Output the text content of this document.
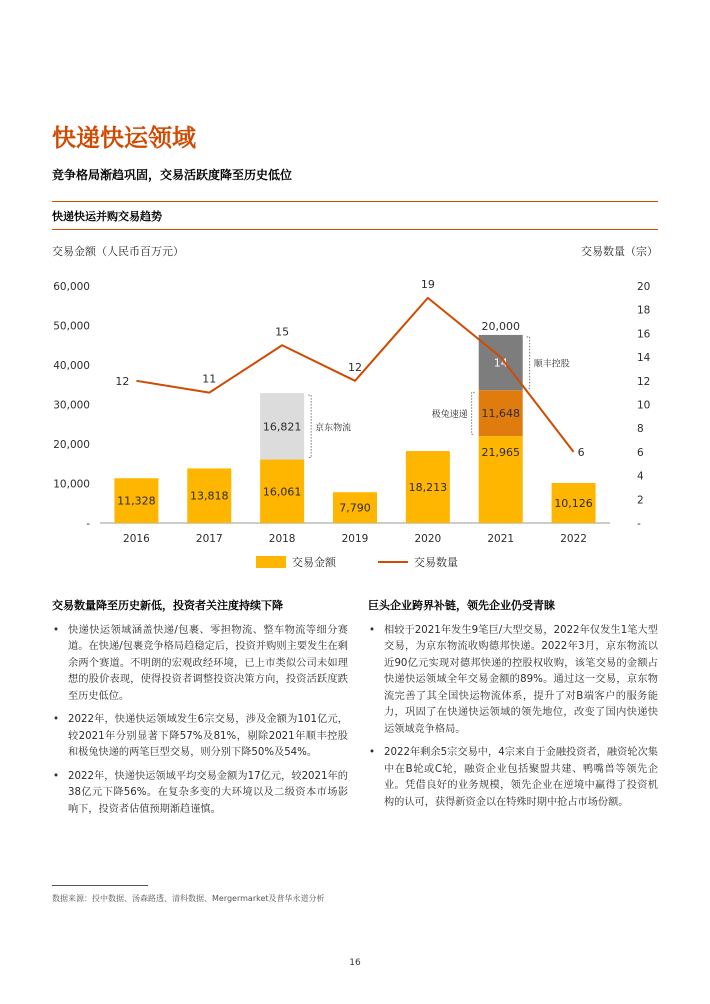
快递快运领域

竞争格局渐趋巩固，交易活跃度降至历史低位

快递快运并购交易趋势
交易金额（人民币百万元）	交易数量（宗）
-
10,000
20,000
30,000
40,000
50,000
60,000
-
2
4
6
8
10
12
14
16
18
20
16,821 京东物流
11,648
极兔速递
14	顺丰控股
11,328	13,818	16,061
7,790
18,213
21,965
10,126
20,000
2016	2017	2018	2019	2020	2021	2022
12	11
15
12
19
6
交易金额	交易数量
交易数量降至历史新低，投资者关注度持续下降
• 快递快运领域涵盖快递/包裹、零担物流、整车物流等细分赛道。在快递/包裹竞争格局趋稳定后，投资并购则主要发生在剩余两个赛道。不明朗的宏观政经环境，已上市类似公司未如理想的股价表现，使得投资者调整投资决策方向，投资活跃度跌至历史低位。
• 2022年，快递快运领域发生6宗交易，涉及金额为101亿元，较2021年分别显著下降57%及81%，剔除2021年顺丰控股和极兔快递的两笔巨型交易，则分别下降50%及54%。
• 2022年，快递快运领域平均交易金额为17亿元，较2021年的38亿元下降56%。在复杂多变的大环境以及二级资本市场影响下，投资者估值预期渐趋谨慎。
巨头企业跨界补链，领先企业仍受青睐
• 相较于2021年发生9笔巨/大型交易，2022年仅发生1笔大型交易，为京东物流收购德邦快递。2022年3月，京东物流以近90亿元实现对德邦快递的控股权收购，该笔交易的金额占快递快运领域全年交易金额的89%。通过这一交易，京东物流完善了其全国快运物流体系，提升了对B端客户的服务能力，巩固了在快递快运领域的领先地位，改变了国内快递快运领域竞争格局。
• 2022年剩余5宗交易中，4宗来自于金融投资者，融资轮次集中在B轮或C轮，融资企业包括聚盟共建、鸭嘴兽等领先企业。凭借良好的业务规模，领先企业在逆境中赢得了投资机构的认可，获得新资金以在特殊时期中抢占市场份额。
数据来源：投中数据、汤森路透、清科数据、Mergermarket及普华永道分析
16
